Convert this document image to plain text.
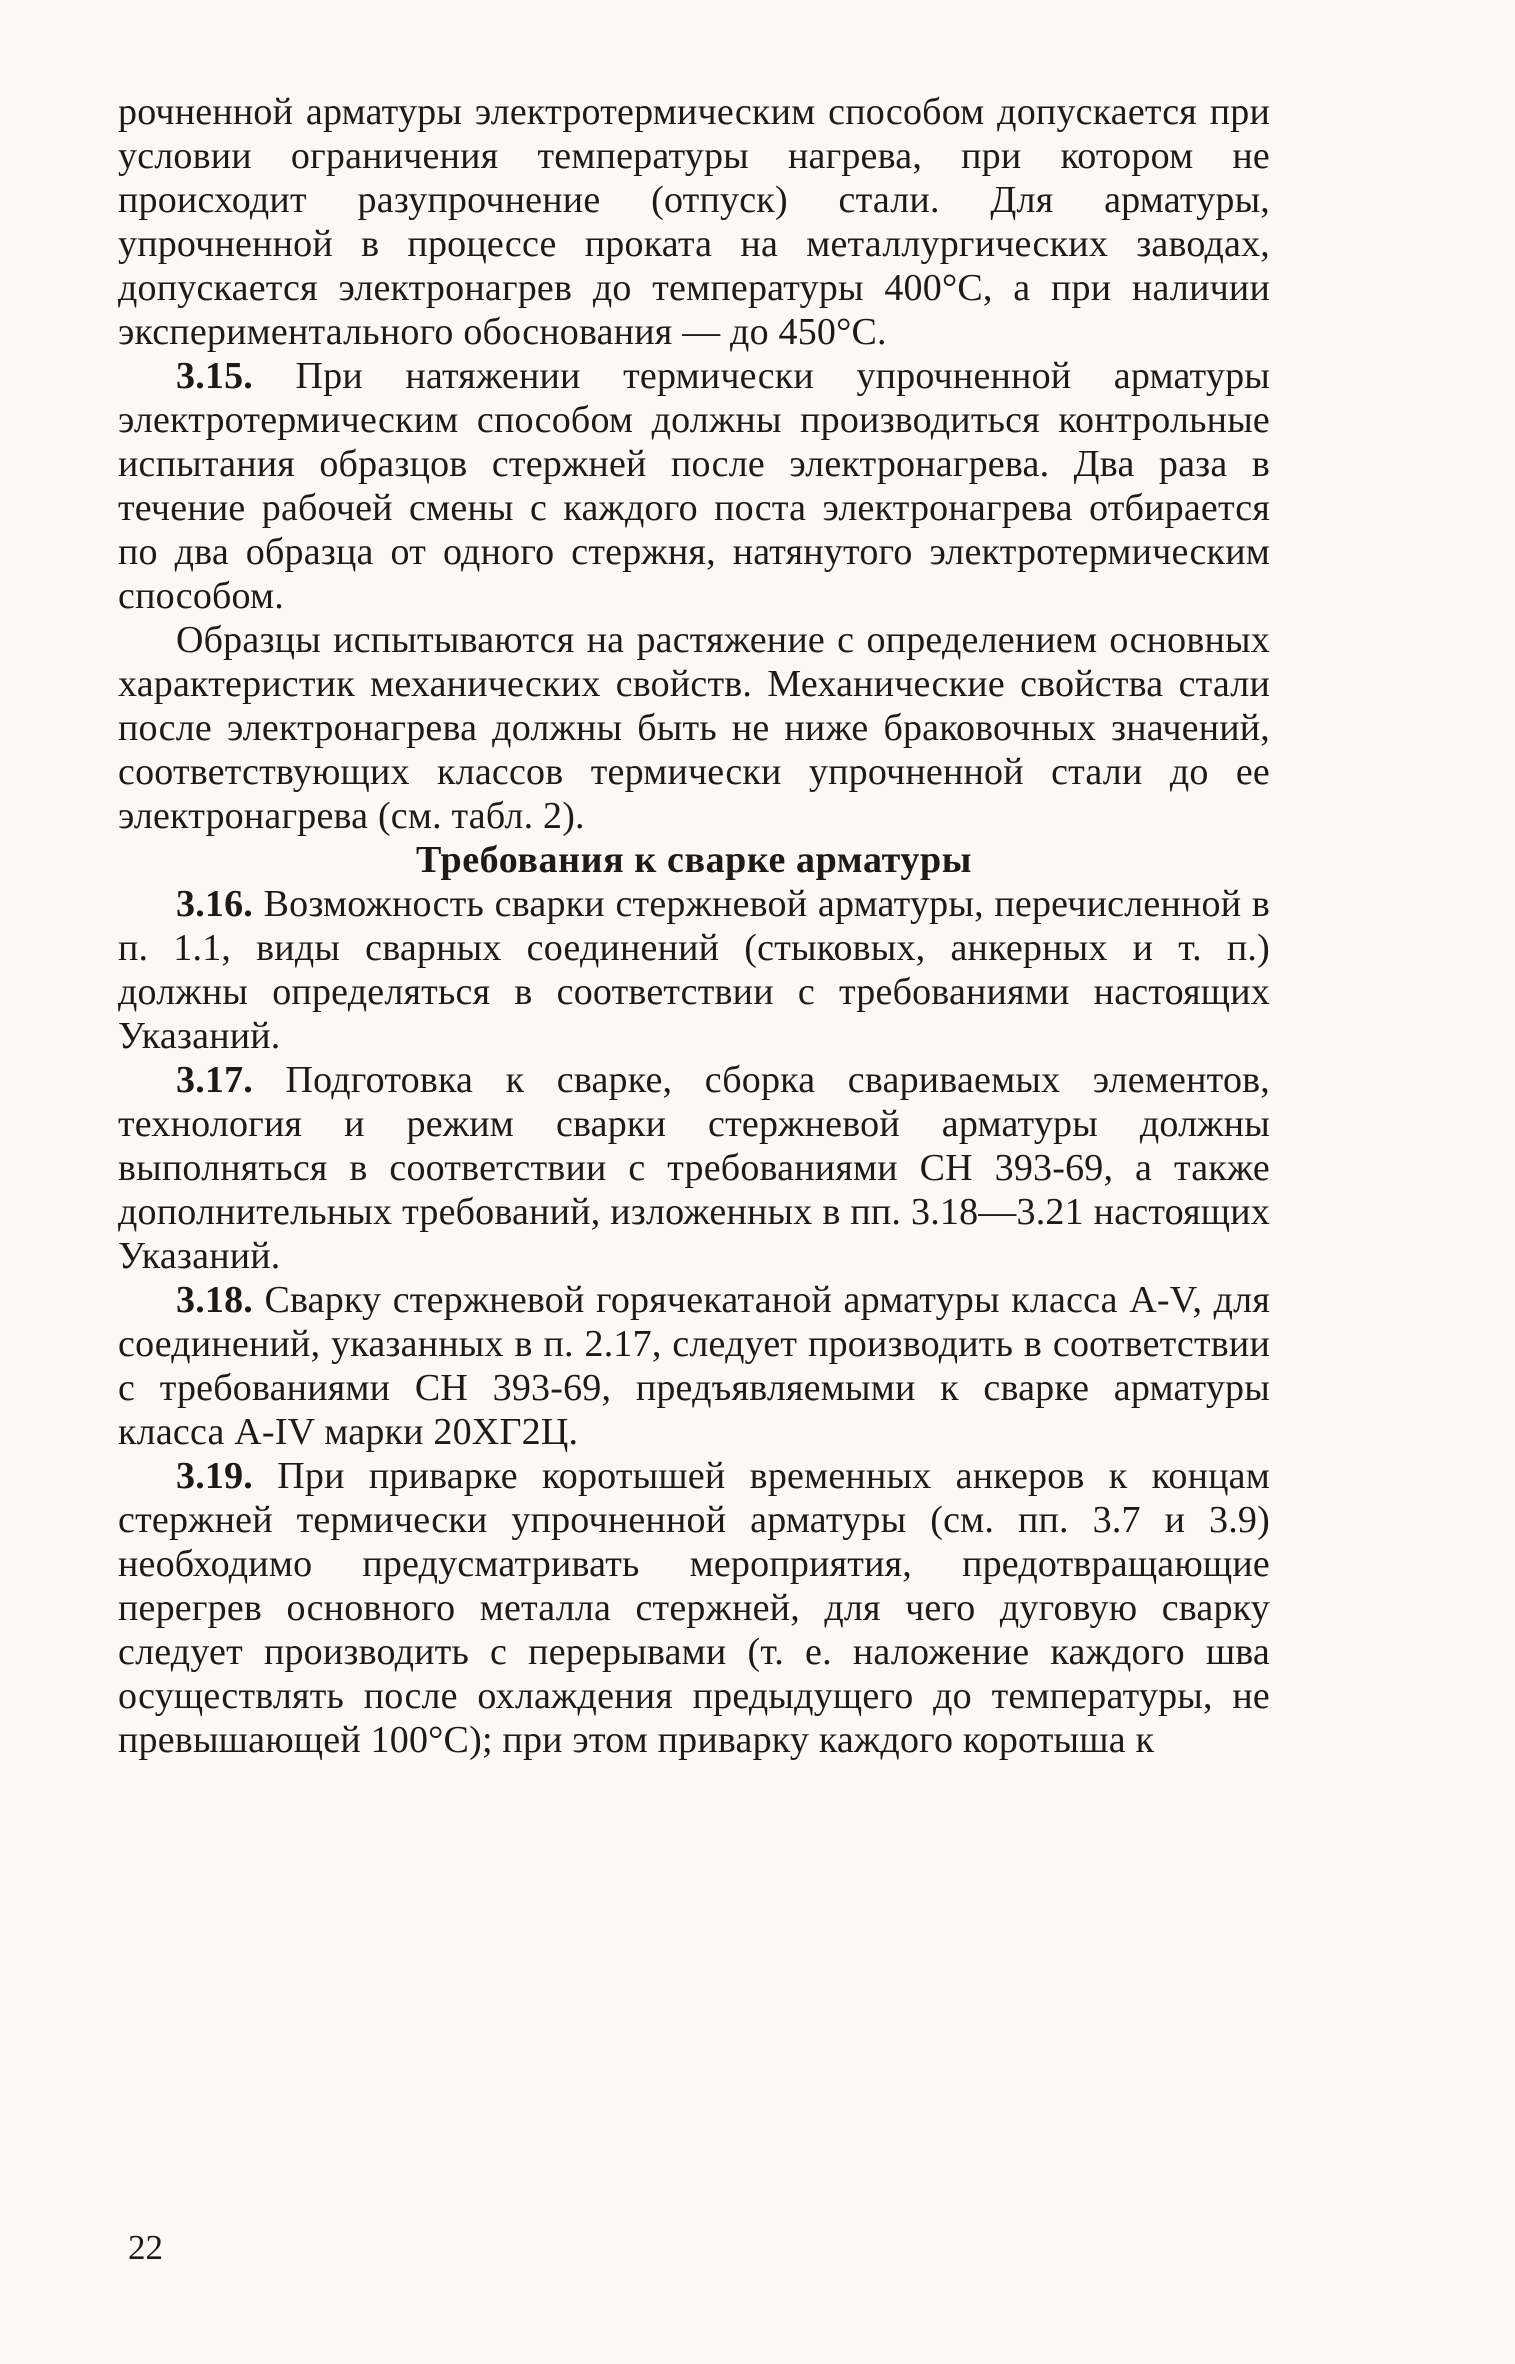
рочненной арматуры электротермическим способом допускается при условии ограничения температуры нагрева, при котором не происходит разупрочнение (отпуск) стали. Для арматуры, упрочненной в процессе проката на металлургических заводах, допускается электронагрев до температуры 400°С, а при наличии экспериментального обоснования — до 450°С.

3.15. При натяжении термически упрочненной арматуры электротермическим способом должны производиться контрольные испытания образцов стержней после электронагрева. Два раза в течение рабочей смены с каждого поста электронагрева отбирается по два образца от одного стержня, натянутого электротермическим способом.

Образцы испытываются на растяжение с определением основных характеристик механических свойств. Механические свойства стали после электронагрева должны быть не ниже браковочных значений, соответствующих классов термически упрочненной стали до ее электронагрева (см. табл. 2).

Требования к сварке арматуры

3.16. Возможность сварки стержневой арматуры, перечисленной в п. 1.1, виды сварных соединений (стыковых, анкерных и т. п.) должны определяться в соответствии с требованиями настоящих Указаний.

3.17. Подготовка к сварке, сборка свариваемых элементов, технология и режим сварки стержневой арматуры должны выполняться в соответствии с требованиями СН 393-69, а также дополнительных требований, изложенных в пп. 3.18—3.21 настоящих Указаний.

3.18. Сварку стержневой горячекатаной арматуры класса A-V, для соединений, указанных в п. 2.17, следует производить в соответствии с требованиями СН 393-69, предъявляемыми к сварке арматуры класса A-IV марки 20ХГ2Ц.

3.19. При приварке коротышей временных анкеров к концам стержней термически упрочненной арматуры (см. пп. 3.7 и 3.9) необходимо предусматривать мероприятия, предотвращающие перегрев основного металла стержней, для чего дуговую сварку следует производить с перерывами (т. е. наложение каждого шва осуществлять после охлаждения предыдущего до температуры, не превышающей 100°С); при этом приварку каждого коротыша к

22
